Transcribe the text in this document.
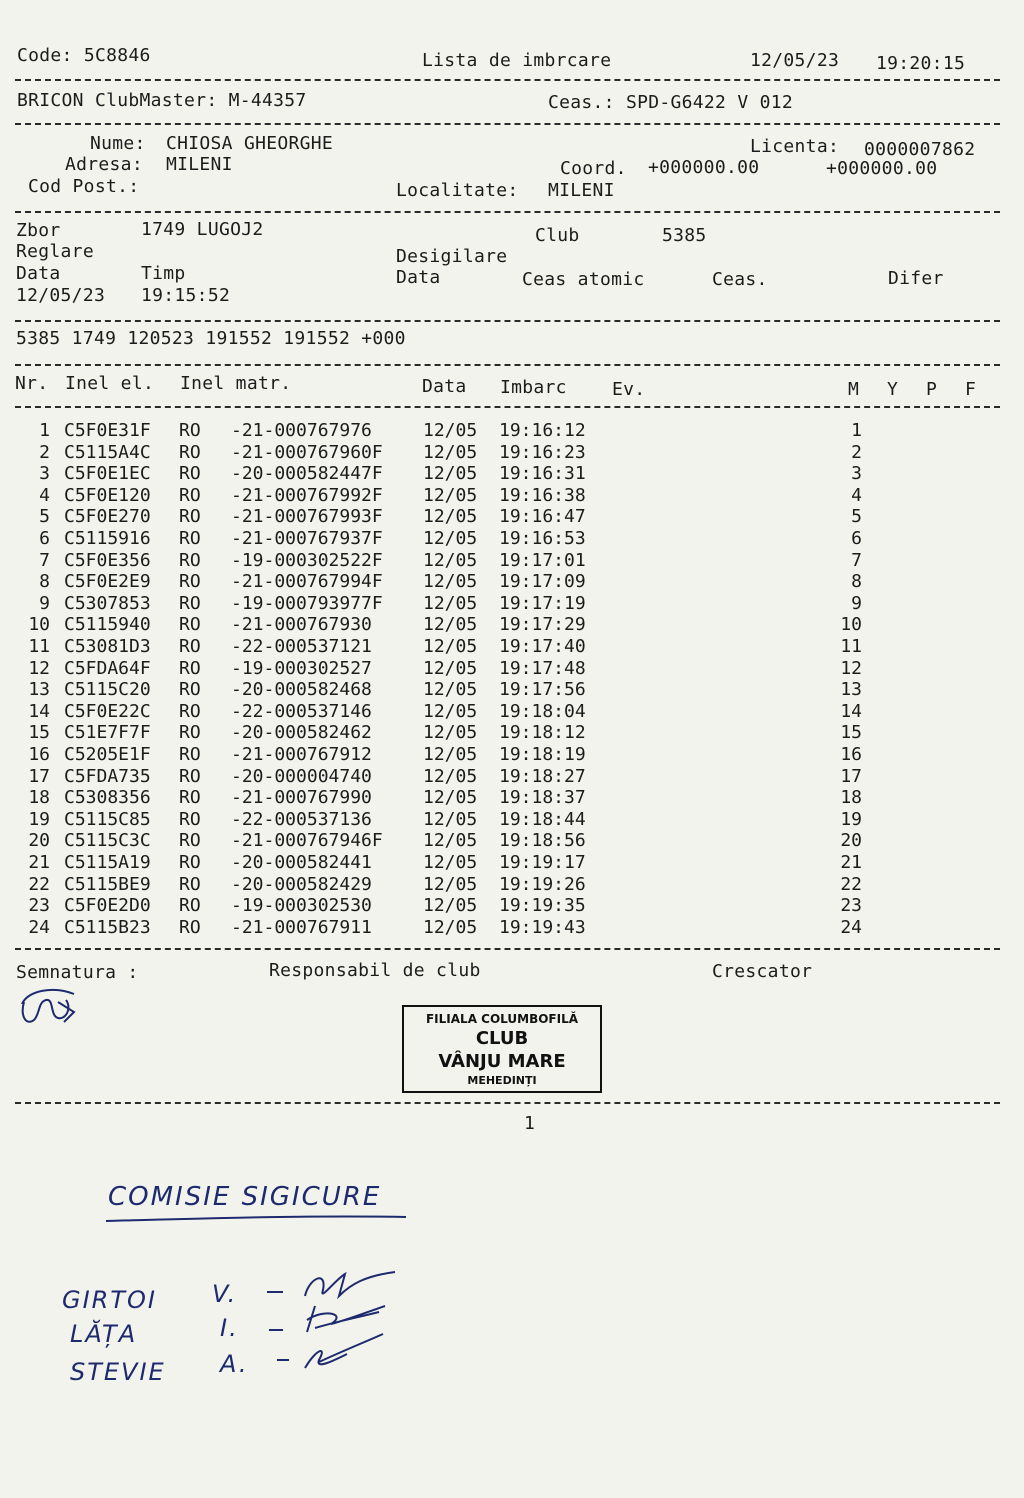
Code: 5C8846	Lista de imbrcare	12/05/23 19:20:15
BRICON ClubMaster: M-44357	Ceas.: SPD-G6422 V 012
Nume: CHIOSA GHEORGHE	Licenta: 0000007862
Adresa: MILENI	Coord. +000000.00	+000000.00
Cod Post.:	Localitate: MILENI
Zbor	1749 LUGOJ2	Club	5385
Reglare	Desigilare
Data	Timp	Data	Ceas atomic	Ceas.	Difer
12/05/23 19:15:52
5385 1749 120523 191552 191552 +000
Nr. Inel el. Inel matr.	Data Imbarc	Ev.	M Y P F
1 C5F0E31F RO -21-000767976	12/05 19:16:12	1
2 C5115A4C RO -21-000767960F 12/05 19:16:23	2
3 C5F0E1EC RO -20-000582447F 12/05 19:16:31	3
4 C5F0E120 RO -21-000767992F 12/05 19:16:38	4
5 C5F0E270 RO -21-000767993F 12/05 19:16:47	5
6 C5115916 RO -21-000767937F 12/05 19:16:53	6
7 C5F0E356 RO -19-000302522F 12/05 19:17:01	7
8 C5F0E2E9 RO -21-000767994F 12/05 19:17:09	8
9 C5307853 RO -19-000793977F 12/05 19:17:19	9
10 C5115940 RO -21-000767930	12/05 19:17:29	10
11 C53081D3 RO -22-000537121	12/05 19:17:40	11
12 C5FDA64F RO -19-000302527	12/05 19:17:48	12
13 C5115C20 RO -20-000582468	12/05 19:17:56	13
14 C5F0E22C RO -22-000537146	12/05 19:18:04	14
15 C51E7F7F RO -20-000582462	12/05 19:18:12	15
16 C5205E1F RO -21-000767912	12/05 19:18:19	16
17 C5FDA735 RO -20-000004740	12/05 19:18:27	17
18 C5308356 RO -21-000767990	12/05 19:18:37	18
19 C5115C85 RO -22-000537136	12/05 19:18:44	19
20 C5115C3C RO -21-000767946F 12/05 19:18:56	20
21 C5115A19 RO -20-000582441	12/05 19:19:17	21
22 C5115BE9 RO -20-000582429	12/05 19:19:26	22
23 C5F0E2D0 RO -19-000302530	12/05 19:19:35	23
24 C5115B23 RO -21-000767911	12/05 19:19:43	24
Semnatura :	Responsabil de club	Crescator
FILIALA COLUMBOFILĂ
CLUB
VÂNJU MARE
MEHEDINȚI
1
COMISIE SIGICURE
GIRTOI V.
LĂȚA	I.
STEVIE A.
